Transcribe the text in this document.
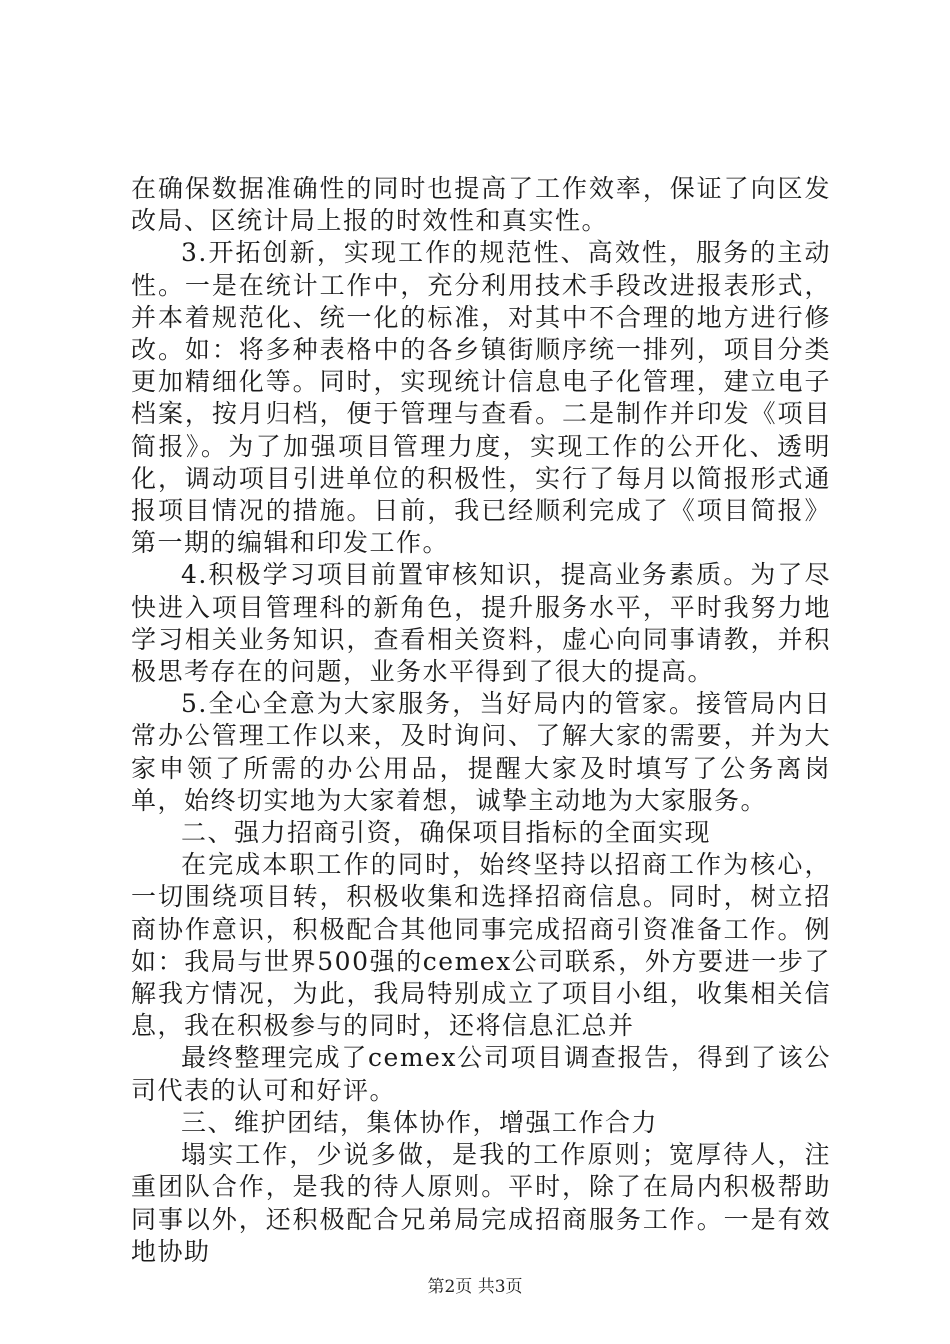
在确保数据准确性的同时也提高了工作效率，保证了向区发改局、区统计局上报的时效性和真实性。

3.开拓创新，实现工作的规范性、高效性，服务的主动性。一是在统计工作中，充分利用技术手段改进报表形式，并本着规范化、统一化的标准，对其中不合理的地方进行修改。如：将多种表格中的各乡镇街顺序统一排列，项目分类更加精细化等。同时，实现统计信息电子化管理，建立电子档案，按月归档，便于管理与查看。二是制作并印发《项目简报》。为了加强项目管理力度，实现工作的公开化、透明化，调动项目引进单位的积极性，实行了每月以简报形式通报项目情况的措施。日前，我已经顺利完成了《项目简报》第一期的编辑和印发工作。

4.积极学习项目前置审核知识，提高业务素质。为了尽快进入项目管理科的新角色，提升服务水平，平时我努力地学习相关业务知识，查看相关资料，虚心向同事请教，并积极思考存在的问题，业务水平得到了很大的提高。

5.全心全意为大家服务，当好局内的管家。接管局内日常办公管理工作以来，及时询问、了解大家的需要，并为大家申领了所需的办公用品，提醒大家及时填写了公务离岗单，始终切实地为大家着想，诚挚主动地为大家服务。

二、强力招商引资，确保项目指标的全面实现

在完成本职工作的同时，始终坚持以招商工作为核心，一切围绕项目转，积极收集和选择招商信息。同时，树立招商协作意识，积极配合其他同事完成招商引资准备工作。例如：我局与世界500强的cemex公司联系，外方要进一步了解我方情况，为此，我局特别成立了项目小组，收集相关信息，我在积极参与的同时，还将信息汇总并

最终整理完成了cemex公司项目调查报告，得到了该公司代表的认可和好评。

三、维护团结，集体协作，增强工作合力

塌实工作，少说多做，是我的工作原则；宽厚待人，注重团队合作，是我的待人原则。平时，除了在局内积极帮助同事以外，还积极配合兄弟局完成招商服务工作。一是有效地协助

第2页 共3页
